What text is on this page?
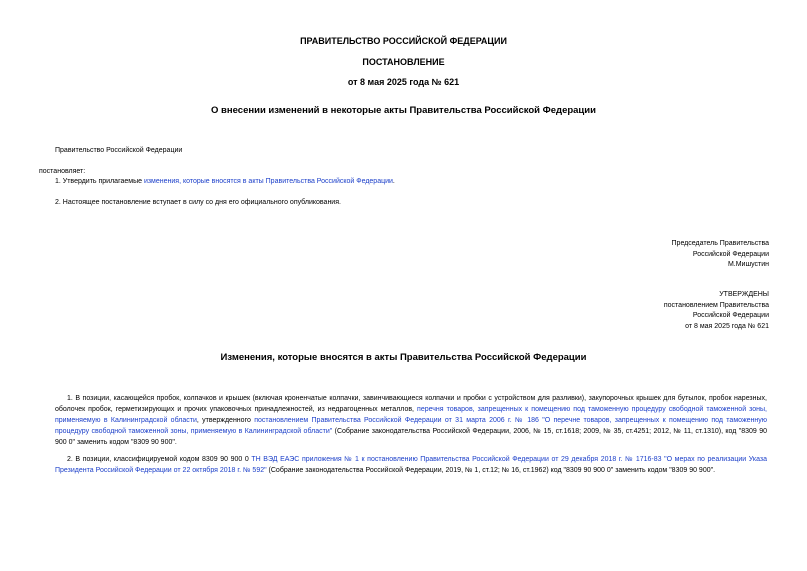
ПРАВИТЕЛЬСТВО РОССИЙСКОЙ ФЕДЕРАЦИИ
ПОСТАНОВЛЕНИЕ
от 8 мая 2025 года № 621
О внесении изменений в некоторые акты Правительства Российской Федерации
Правительство Российской Федерации
постановляет:
1. Утвердить прилагаемые изменения, которые вносятся в акты Правительства Российской Федерации.
2. Настоящее постановление вступает в силу со дня его официального опубликования.
Председатель Правительства
Российской Федерации
М.Мишустин
УТВЕРЖДЕНЫ
постановлением Правительства
Российской Федерации
от 8 мая 2025 года № 621
Изменения, которые вносятся в акты Правительства Российской Федерации
1. В позиции, касающейся пробок, колпачков и крышек (включая кроненчатые колпачки, завинчивающиеся колпачки и пробки с устройством для разливки), закупорочных крышек для бутылок, пробок нарезных, оболочек пробок, герметизирующих и прочих упаковочных принадлежностей, из недрагоценных металлов, перечня товаров, запрещенных к помещению под таможенную процедуру свободной таможенной зоны, применяемую в Калининградской области, утвержденного постановлением Правительства Российской Федерации от 31 марта 2006 г. № 186 "О перечне товаров, запрещенных к помещению под таможенную процедуру свободной таможенной зоны, применяемую в Калининградской области" (Собрание законодательства Российской Федерации, 2006, № 15, ст.1618; 2009, № 35, ст.4251; 2012, № 11, ст.1310), код "8309 90 900 0" заменить кодом "8309 90 900".
2. В позиции, классифицируемой кодом 8309 90 900 0 ТН ВЭД ЕАЭС приложения № 1 к постановлению Правительства Российской Федерации от 29 декабря 2018 г. № 1716-83 "О мерах по реализации Указа Президента Российской Федерации от 22 октября 2018 г. № 592" (Собрание законодательства Российской Федерации, 2019, № 1, ст.12; № 16, ст.1962) код "8309 90 900 0" заменить кодом "8309 90 900".
